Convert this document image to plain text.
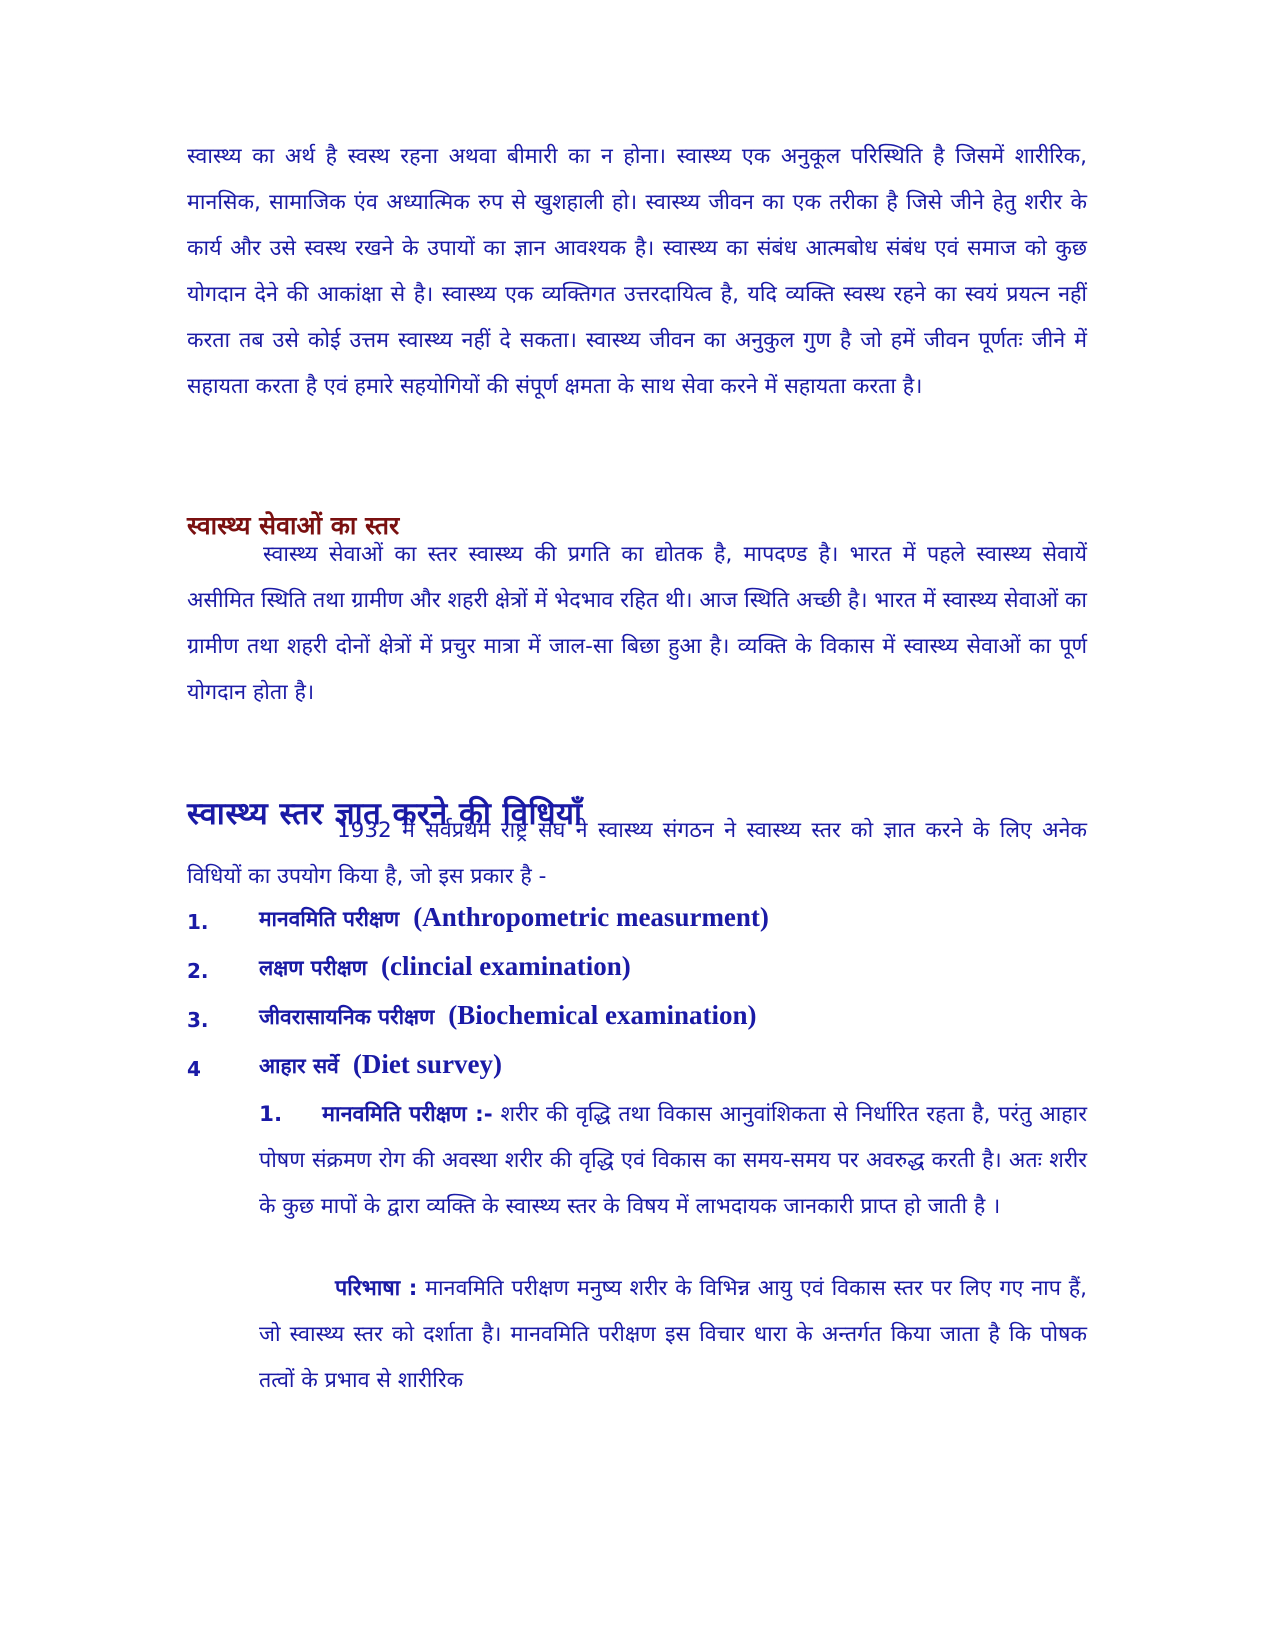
स्वास्थ्य का अर्थ है स्वस्थ रहना अथवा बीमारी का न होना। स्वास्थ्य एक अनुकूल परिस्थिति है जिसमें शारीरिक, मानसिक, सामाजिक एंव अध्यात्मिक रुप से खुशहाली हो। स्वास्थ्य जीवन का एक तरीका है जिसे जीने हेतु शरीर के कार्य और उसे स्वस्थ रखने के उपायों का ज्ञान आवश्यक है। स्वास्थ्य का संबंध आत्मबोध संबंध एवं समाज को कुछ योगदान देने की आकांक्षा से है। स्वास्थ्य एक व्यक्तिगत उत्तरदायित्व है, यदि व्यक्ति स्वस्थ रहने का स्वयं प्रयत्न नहीं करता तब उसे कोई उत्तम स्वास्थ्य नहीं दे सकता। स्वास्थ्य जीवन का अनुकुल गुण है जो हमें जीवन पूर्णतः जीने में सहायता करता है एवं हमारे सहयोगियों की संपूर्ण क्षमता के साथ सेवा करने में सहायता करता है।

स्वास्थ्य सेवाओं का स्तर

स्वास्थ्य सेवाओं का स्तर स्वास्थ्य की प्रगति का द्योतक है, मापदण्ड है। भारत में पहले स्वास्थ्य सेवायें असीमित स्थिति तथा ग्रामीण और शहरी क्षेत्रों में भेदभाव रहित थी। आज स्थिति अच्छी है। भारत में स्वास्थ्य सेवाओं का ग्रामीण तथा शहरी दोनों क्षेत्रों में प्रचुर मात्रा में जाल-सा बिछा हुआ है। व्यक्ति के विकास में स्वास्थ्य सेवाओं का पूर्ण योगदान होता है।

स्वास्थ्य स्तर ज्ञात करने की विधियाँ

1932 में सर्वप्रथम राष्ट्र संघ ने स्वास्थ्य संगठन ने स्वास्थ्य स्तर को ज्ञात करने के लिए अनेक विधियों का उपयोग किया है, जो इस प्रकार है -

1. मानवमिति परीक्षण (Anthropometric measurment)
2. लक्षण परीक्षण (clincial examination)
3. जीवरासायनिक परीक्षण (Biochemical examination)
4	आहार सर्वे (Diet survey)

1. मानवमिति परीक्षण :- शरीर की वृद्धि तथा विकास आनुवांशिकता से निर्धारित रहता है, परंतु आहार पोषण संक्रमण रोग की अवस्था शरीर की वृद्धि एवं विकास का समय-समय पर अवरुद्ध करती है। अतः शरीर के कुछ मापों के द्वारा व्यक्ति के स्वास्थ्य स्तर के विषय में लाभदायक जानकारी प्राप्त हो जाती है ।

परिभाषा : मानवमिति परीक्षण मनुष्य शरीर के विभिन्न आयु एवं विकास स्तर पर लिए गए नाप हैं, जो स्वास्थ्य स्तर को दर्शाता है। मानवमिति परीक्षण इस विचार धारा के अन्तर्गत किया जाता है कि पोषक तत्वों के प्रभाव से शारीरिक
